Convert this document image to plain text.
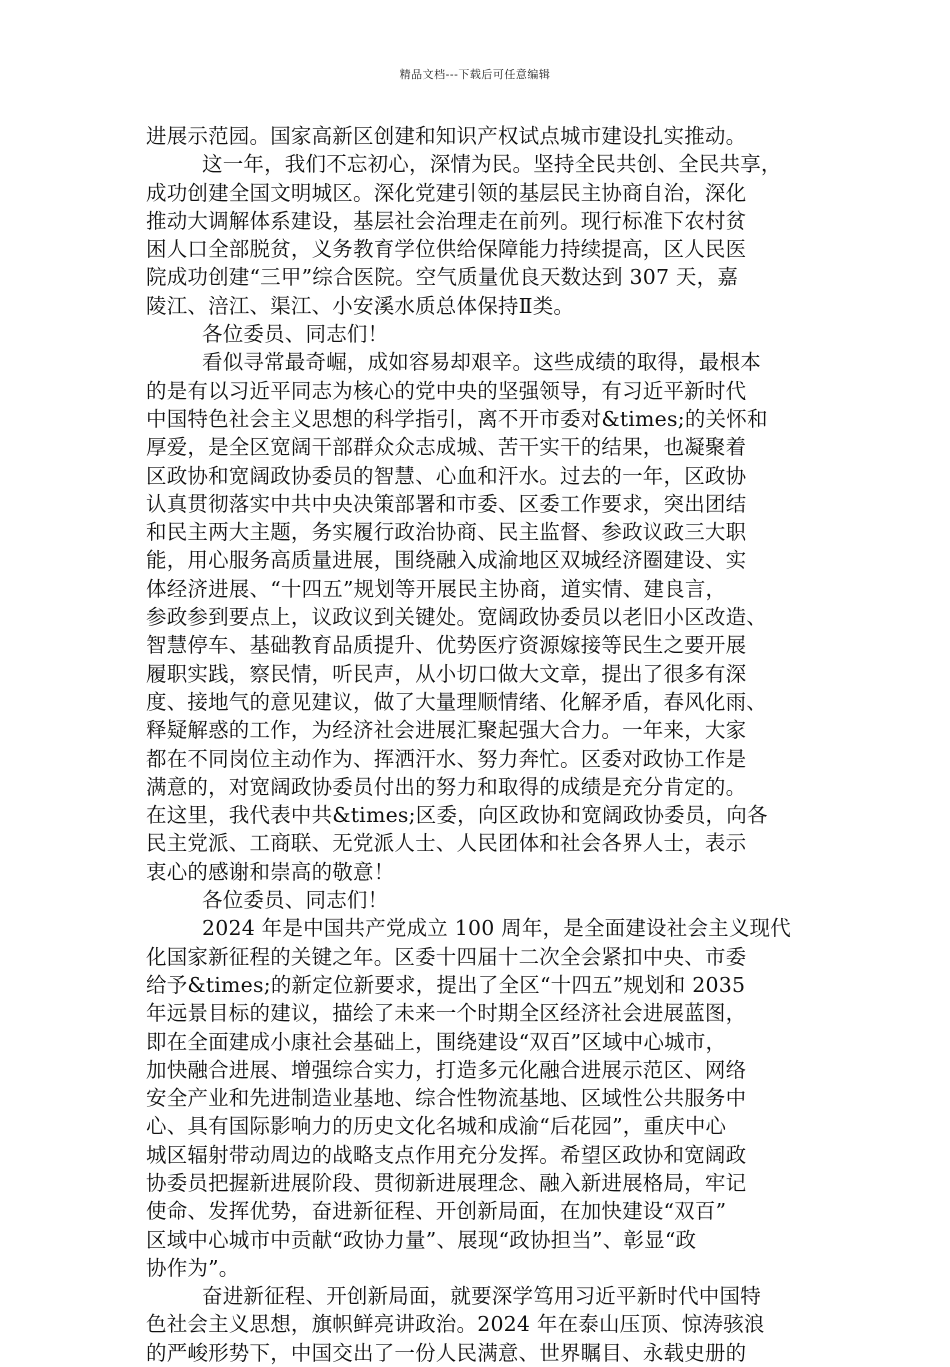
精品文档---下载后可任意编辑
进展示范园。国家高新区创建和知识产权试点城市建设扎实推动。
这一年，我们不忘初心，深情为民。坚持全民共创、全民共享，
成功创建全国文明城区。深化党建引领的基层民主协商自治，深化
推动大调解体系建设，基层社会治理走在前列。现行标准下农村贫
困人口全部脱贫，义务教育学位供给保障能力持续提高，区人民医
院成功创建“三甲”综合医院。空气质量优良天数达到 307 天，嘉
陵江、涪江、渠江、小安溪水质总体保持Ⅱ类。
各位委员、同志们！
看似寻常最奇崛，成如容易却艰辛。这些成绩的取得，最根本
的是有以习近平同志为核心的党中央的坚强领导，有习近平新时代
中国特色社会主义思想的科学指引，离不开市委对&times;的关怀和
厚爱，是全区宽阔干部群众众志成城、苦干实干的结果，也凝聚着
区政协和宽阔政协委员的智慧、心血和汗水。过去的一年，区政协
认真贯彻落实中共中央决策部署和市委、区委工作要求，突出团结
和民主两大主题，务实履行政治协商、民主监督、参政议政三大职
能，用心服务高质量进展，围绕融入成渝地区双城经济圈建设、实
体经济进展、“十四五”规划等开展民主协商，道实情、建良言，
参政参到要点上，议政议到关键处。宽阔政协委员以老旧小区改造、
智慧停车、基础教育品质提升、优势医疗资源嫁接等民生之要开展
履职实践，察民情，听民声，从小切口做大文章，提出了很多有深
度、接地气的意见建议，做了大量理顺情绪、化解矛盾，春风化雨、
释疑解惑的工作，为经济社会进展汇聚起强大合力。一年来，大家
都在不同岗位主动作为、挥洒汗水、努力奔忙。区委对政协工作是
满意的，对宽阔政协委员付出的努力和取得的成绩是充分肯定的。
在这里，我代表中共&times;区委，向区政协和宽阔政协委员，向各
民主党派、工商联、无党派人士、人民团体和社会各界人士，表示
衷心的感谢和崇高的敬意！
各位委员、同志们！
2024 年是中国共产党成立 100 周年，是全面建设社会主义现代
化国家新征程的关键之年。区委十四届十二次全会紧扣中央、市委
给予&times;的新定位新要求，提出了全区“十四五”规划和 2035
年远景目标的建议，描绘了未来一个时期全区经济社会进展蓝图，
即在全面建成小康社会基础上，围绕建设“双百”区域中心城市，
加快融合进展、增强综合实力，打造多元化融合进展示范区、网络
安全产业和先进制造业基地、综合性物流基地、区域性公共服务中
心、具有国际影响力的历史文化名城和成渝“后花园”，重庆中心
城区辐射带动周边的战略支点作用充分发挥。希望区政协和宽阔政
协委员把握新进展阶段、贯彻新进展理念、融入新进展格局，牢记
使命、发挥优势，奋进新征程、开创新局面，在加快建设“双百”
区域中心城市中贡献“政协力量”、展现“政协担当”、彰显“政
协作为”。
奋进新征程、开创新局面，就要深学笃用习近平新时代中国特
色社会主义思想，旗帜鲜亮讲政治。2024 年在泰山压顶、惊涛骇浪
的严峻形势下，中国交出了一份人民满意、世界瞩目、永载史册的
